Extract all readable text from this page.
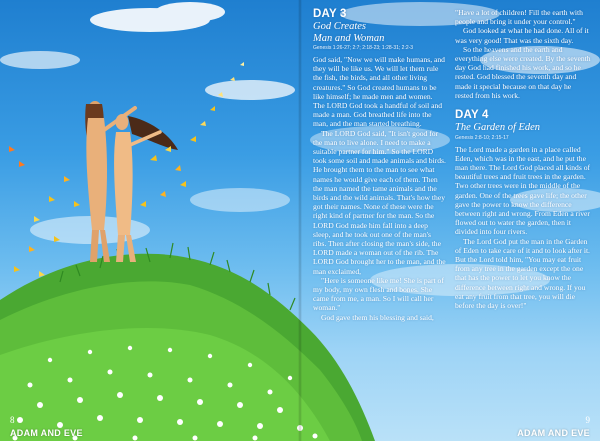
DAY 3
God Creates
Man and Woman
Genesis 1:26-27; 2:7; 2:18-23; 1:28-31; 2:2-3

God said, "Now we will make humans, and they will be like us. We will let them rule the fish, the birds, and all other living creatures." So God created humans to be like himself; he made men and women. The LORD God took a handful of soil and made a man. God breathed life into the man, and the man started breathing.

The LORD God said, "It isn't good for the man to live alone. I need to make a suitable partner for him." So the LORD took some soil and made animals and birds. He brought them to the man to see what names he would give each of them. Then the man named the tame animals and the birds and the wild animals. That's how they got their names. None of these were the right kind of partner for the man. So the LORD God made him fall into a deep sleep, and he took out one of the man's ribs. Then after closing the man's side, the LORD made a woman out of the rib. The LORD God brought her to the man, and the man exclaimed,

"Here is someone like me! She is part of my body, my own flesh and bones. She came from me, a man. So I will call her woman."

God gave them his blessing and said,

"Have a lot of children! Fill the earth with people and bring it under your control."

God looked at what he had done. All of it was very good! That was the sixth day.

So the heavens and the earth and everything else were created. By the seventh day God had finished his work, and so he rested. God blessed the seventh day and made it special because on that day he rested from his work.

DAY 4
The Garden of Eden
Genesis 2:8-10; 2:15-17

The Lord made a garden in a place called Eden, which was in the east, and he put the man there. The Lord God placed all kinds of beautiful trees and fruit trees in the garden. Two other trees were in the middle of the garden. One of the trees gave life; the other gave the power to know the difference between right and wrong. From Eden a river flowed out to water the garden, then it divided into four rivers.

The Lord God put the man in the Garden of Eden to take care of it and to look after it. But the Lord told him, "You may eat fruit from any tree in the garden except the one that has the power to let you know the difference between right and wrong. If you eat any fruit from that tree, you will die before the day is over!"

8
ADAM AND EVE
9
ADAM AND EVE
